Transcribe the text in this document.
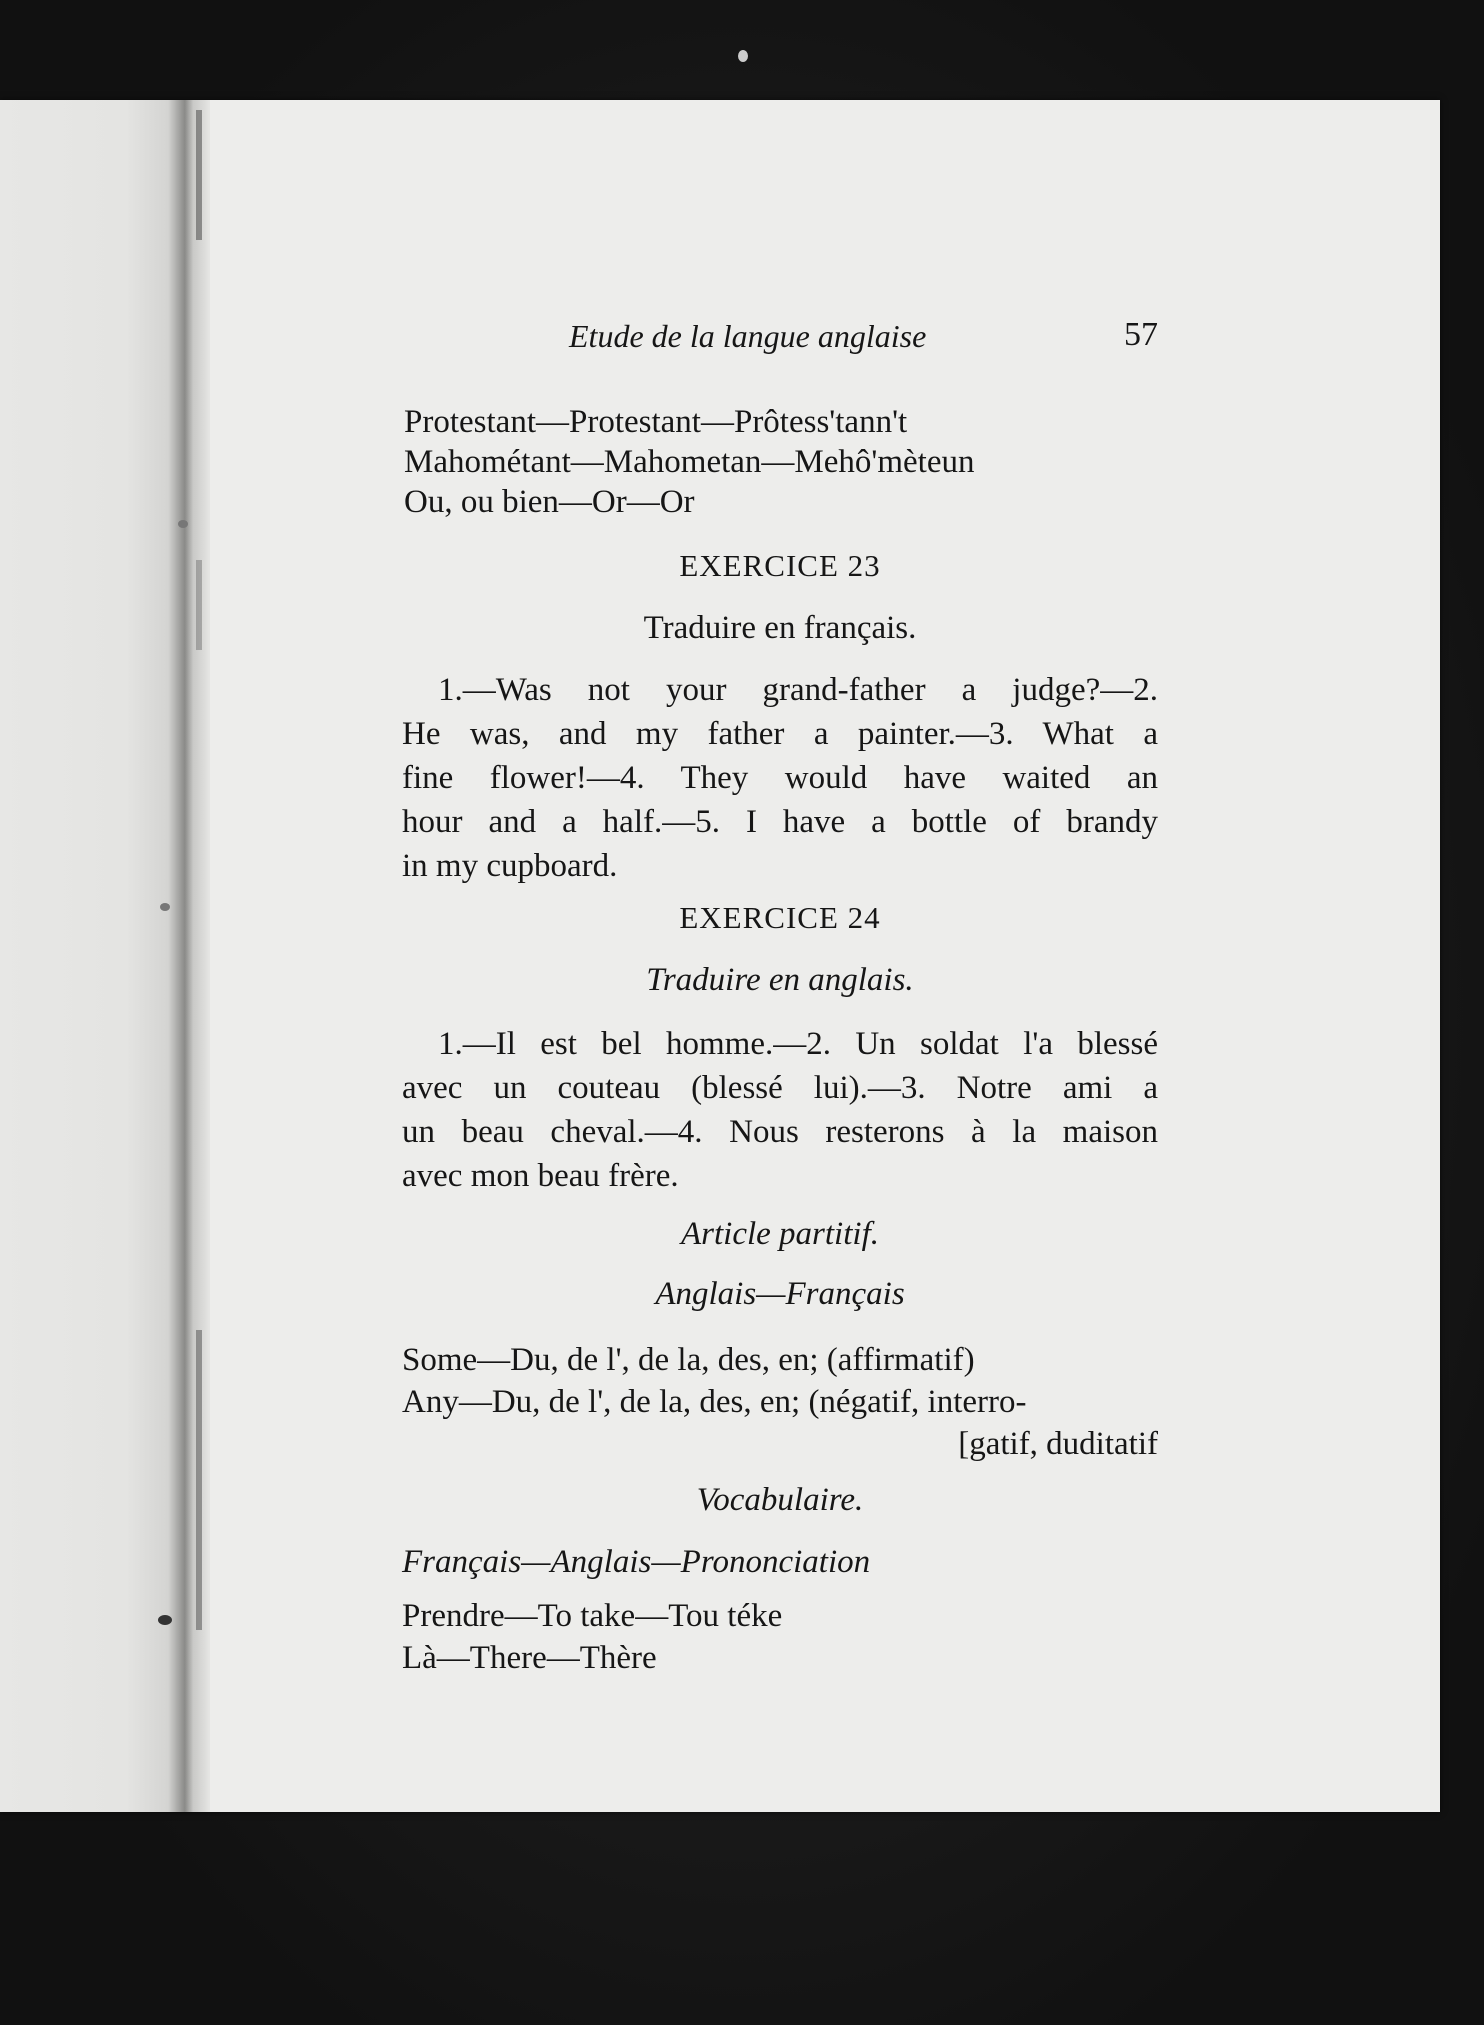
Etude de la langue anglaise	57
Protestant—Protestant—Prôtess'tann't
Mahométant—Mahometan—Mehô'mèteun
Ou, ou bien—Or—Or
EXERCICE 23
Traduire en français.
1.—Was not your grand-father a judge?—2.
He was, and my father a painter.—3. What a
fine flower!—4. They would have waited an
hour and a half.—5. I have a bottle of brandy
in my cupboard.
EXERCICE 24
Traduire en anglais.
1.—Il est bel homme.—2. Un soldat l'a blessé
avec un couteau (blessé lui).—3. Notre ami a
un beau cheval.—4. Nous resterons à la maison
avec mon beau frère.
Article partitif.
Anglais—Français
Some—Du, de l', de la, des, en; (affirmatif)
Any—Du, de l', de la, des, en; (négatif, interro-
[gatif, duditatif
Vocabulaire.
Français—Anglais—Prononciation
Prendre—To take—Tou téke
Là—There—Thère
